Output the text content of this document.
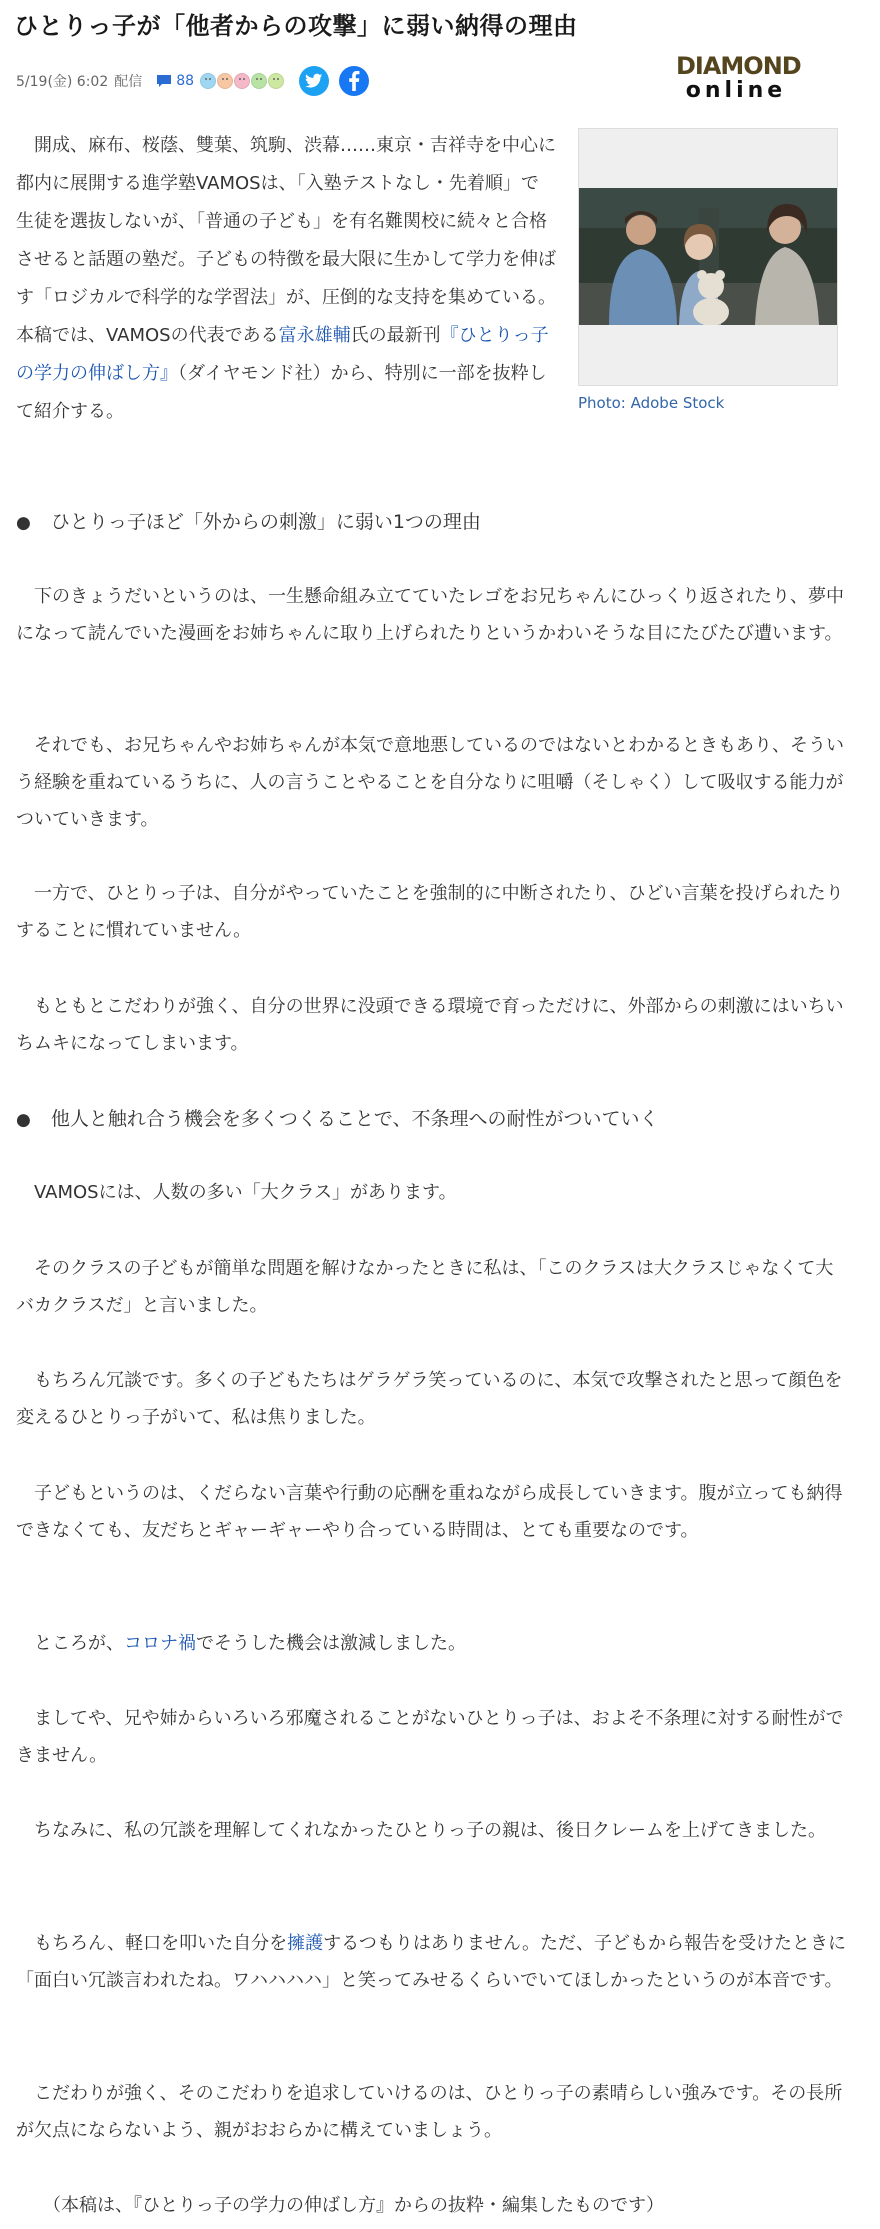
ひとりっ子が「他者からの攻撃」に弱い納得の理由
5/19(金) 6:02 配信 88
DIAMOND
online

開成、麻布、桜蔭、雙葉、筑駒、渋幕……東京・吉祥寺を中心に都内に展開する進学塾VAMOSは、「入塾テストなし・先着順」で生徒を選抜しないが、「普通の子ども」を有名難関校に続々と合格させると話題の塾だ。子どもの特徴を最大限に生かして学力を伸ばす「ロジカルで科学的な学習法」が、圧倒的な支持を集めている。本稿では、VAMOSの代表である富永雄輔氏の最新刊『ひとりっ子の学力の伸ばし方』（ダイヤモンド社）から、特別に一部を抜粋して紹介する。	Photo: Adobe Stock

● ひとりっ子ほど「外からの刺激」に弱い1つの理由

下のきょうだいというのは、一生懸命組み立てていたレゴをお兄ちゃんにひっくり返されたり、夢中になって読んでいた漫画をお姉ちゃんに取り上げられたりというかわいそうな目にたびたび遭います。

それでも、お兄ちゃんやお姉ちゃんが本気で意地悪しているのではないとわかるときもあり、そういう経験を重ねているうちに、人の言うことやることを自分なりに咀嚼（そしゃく）して吸収する能力がついていきます。

一方で、ひとりっ子は、自分がやっていたことを強制的に中断されたり、ひどい言葉を投げられたりすることに慣れていません。

もともとこだわりが強く、自分の世界に没頭できる環境で育っただけに、外部からの刺激にはいちいちムキになってしまいます。

● 他人と触れ合う機会を多くつくることで、不条理への耐性がついていく

VAMOSには、人数の多い「大クラス」があります。

そのクラスの子どもが簡単な問題を解けなかったときに私は、「このクラスは大クラスじゃなくて大バカクラスだ」と言いました。

もちろん冗談です。多くの子どもたちはゲラゲラ笑っているのに、本気で攻撃されたと思って顔色を変えるひとりっ子がいて、私は焦りました。

子どもというのは、くだらない言葉や行動の応酬を重ねながら成長していきます。腹が立っても納得できなくても、友だちとギャーギャーやり合っている時間は、とても重要なのです。

ところが、コロナ禍でそうした機会は激減しました。

ましてや、兄や姉からいろいろ邪魔されることがないひとりっ子は、およそ不条理に対する耐性ができません。

ちなみに、私の冗談を理解してくれなかったひとりっ子の親は、後日クレームを上げてきました。

もちろん、軽口を叩いた自分を擁護するつもりはありません。ただ、子どもから報告を受けたときに「面白い冗談言われたね。ワハハハハ」と笑ってみせるくらいでいてほしかったというのが本音です。

こだわりが強く、そのこだわりを追求していけるのは、ひとりっ子の素晴らしい強みです。その長所が欠点にならないよう、親がおおらかに構えていましょう。

（本稿は、『ひとりっ子の学力の伸ばし方』からの抜粋・編集したものです）
